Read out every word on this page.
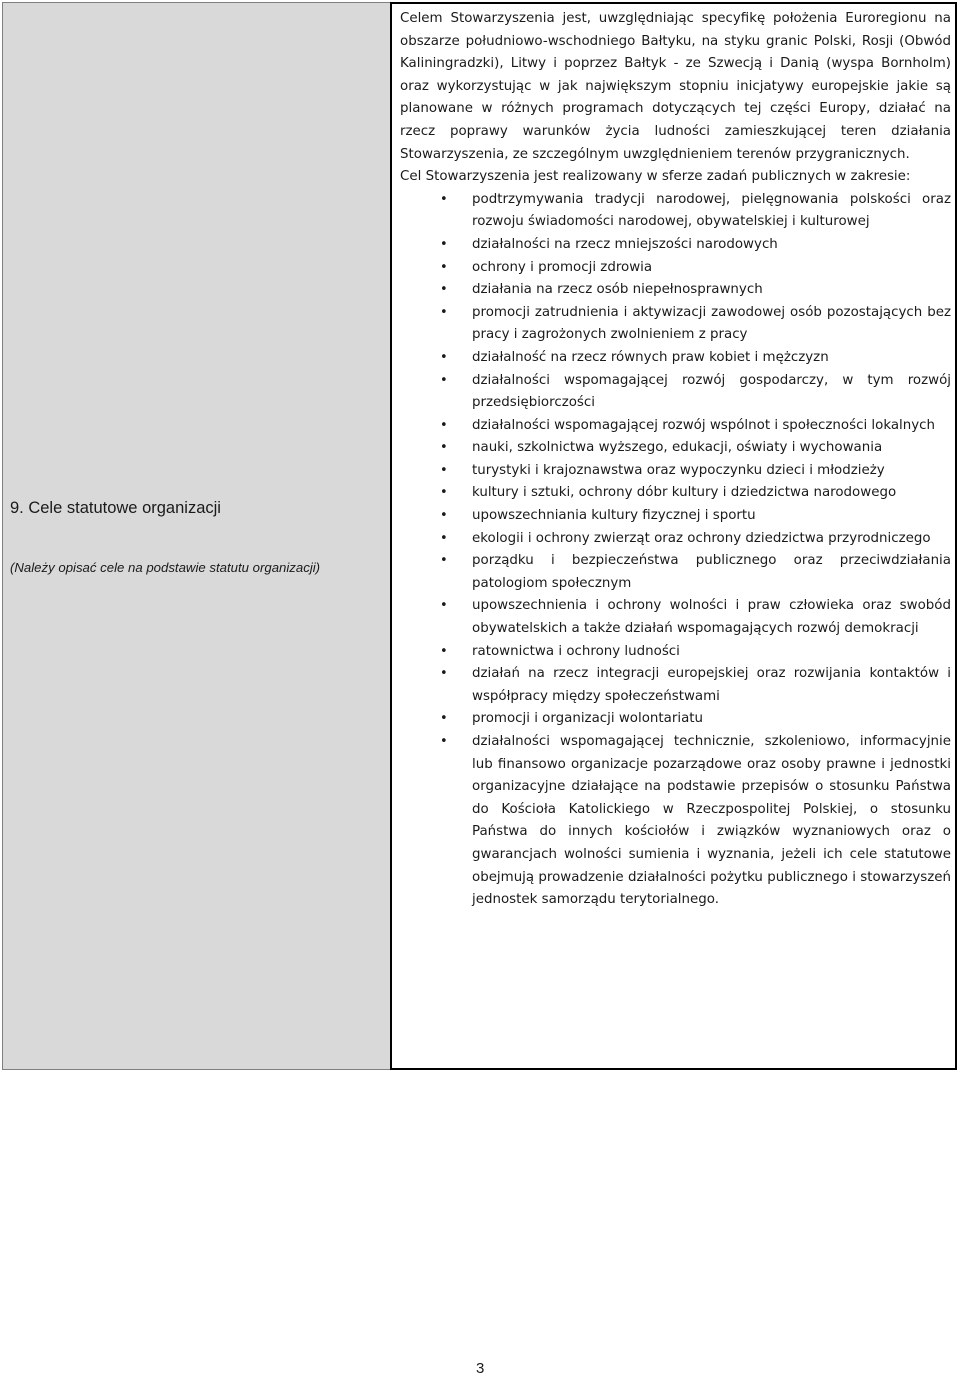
9. Cele statutowe organizacji
(Należy opisać cele na podstawie statutu organizacji)

Celem Stowarzyszenia jest, uwzględniając specyfikę położenia Euroregionu na obszarze południowo-wschodniego Bałtyku, na styku granic Polski, Rosji (Obwód Kaliningradzki), Litwy i poprzez Bałtyk - ze Szwecją i Danią (wyspa Bornholm) oraz wykorzystując w jak największym stopniu inicjatywy europejskie jakie są planowane w różnych programach dotyczących tej części Europy, działać na rzecz poprawy warunków życia ludności zamieszkującej teren działania Stowarzyszenia, ze szczególnym uwzględnieniem terenów przygranicznych.

Cel Stowarzyszenia jest realizowany w sferze zadań publicznych w zakresie:

• podtrzymywania tradycji narodowej, pielęgnowania polskości oraz rozwoju świadomości narodowej, obywatelskiej i kulturowej
• działalności na rzecz mniejszości narodowych
• ochrony i promocji zdrowia
• działania na rzecz osób niepełnosprawnych
• promocji zatrudnienia i aktywizacji zawodowej osób pozostających bez pracy i zagrożonych zwolnieniem z pracy
• działalność na rzecz równych praw kobiet i mężczyzn
• działalności wspomagającej rozwój gospodarczy, w tym rozwój przedsiębiorczości
• działalności wspomagającej rozwój wspólnot i społeczności lokalnych
• nauki, szkolnictwa wyższego, edukacji, oświaty i wychowania
• turystyki i krajoznawstwa oraz wypoczynku dzieci i młodzieży
• kultury i sztuki, ochrony dóbr kultury i dziedzictwa narodowego
• upowszechniania kultury fizycznej i sportu
• ekologii i ochrony zwierząt oraz ochrony dziedzictwa przyrodniczego
• porządku i bezpieczeństwa publicznego oraz przeciwdziałania patologiom społecznym
• upowszechnienia i ochrony wolności i praw człowieka oraz swobód obywatelskich a także działań wspomagających rozwój demokracji
• ratownictwa i ochrony ludności
• działań na rzecz integracji europejskiej oraz rozwijania kontaktów i współpracy między społeczeństwami
• promocji i organizacji wolontariatu
• działalności wspomagającej technicznie, szkoleniowo, informacyjnie lub finansowo organizacje pozarządowe oraz osoby prawne i jednostki organizacyjne działające na podstawie przepisów o stosunku Państwa do Kościoła Katolickiego w Rzeczpospolitej Polskiej, o stosunku Państwa do innych kościołów i związków wyznaniowych oraz o gwarancjach wolności sumienia i wyznania, jeżeli ich cele statutowe obejmują prowadzenie działalności pożytku publicznego i stowarzyszeń jednostek samorządu terytorialnego.
3
